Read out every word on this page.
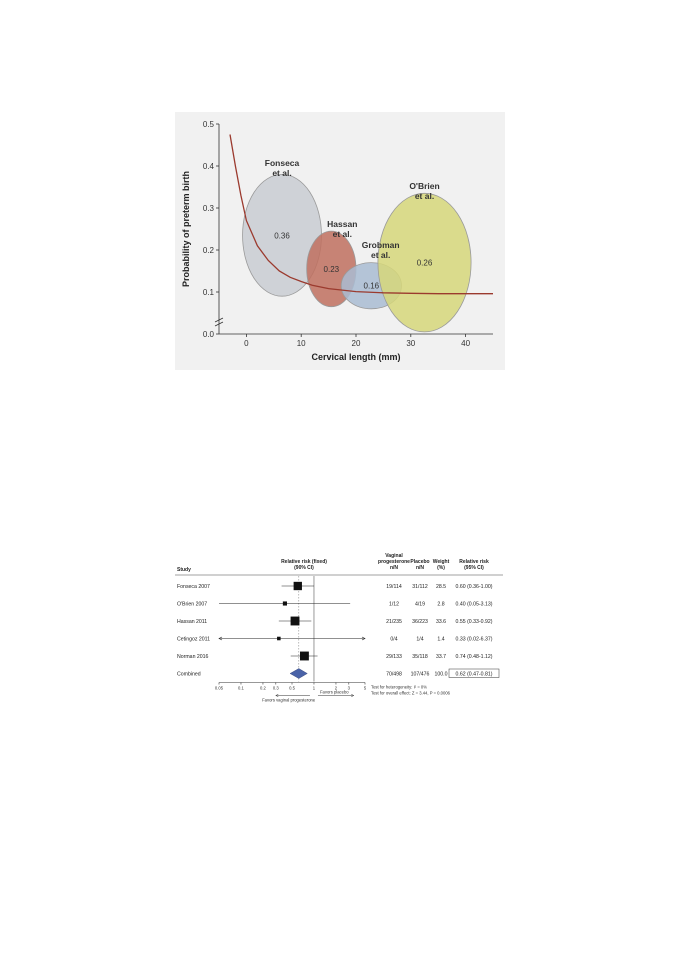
0.0
0.1
0.2
0.3
0.4
0.5
0	10	20	30	40
Cervical length (mm)
Probability of preterm birth	0.36
0.23
0.16
0.26
Fonseca
et al.
Hassan
et al.
Grobman
et al.
O'Brien
et al.
Study
Relative risk (fixed)
(90% CI)
Vaginal
progesterone
n/N
Placebo
n/N
Weight
(%)
Relative risk
(95% CI)
Fonseca 2007	19/114 31/112 28.5 0.60 (0.36-1.00)
O'Brien 2007	1/12	4/19 2.8 0.40 (0.05-3.13)
Hassan 2011	21/235 36/223 33.6 0.55 (0.33-0.92)
Cetingoz 2011	0/4	1/4	1.4 0.33 (0.02-6.37)
Norman 2016	29/133 35/118 33.7 0.74 (0.48-1.12)
Combined	70/498 107/476 100.0 0.62 (0.47-0.81)
0.05	0.1	0.2 0.3 0.5	1	2	3	5
Favors vaginal progesterone
Favors placebo
Test for heterogeneity: I² = 0%
Test for overall effect: Z = 3.44, P = 0.0006
